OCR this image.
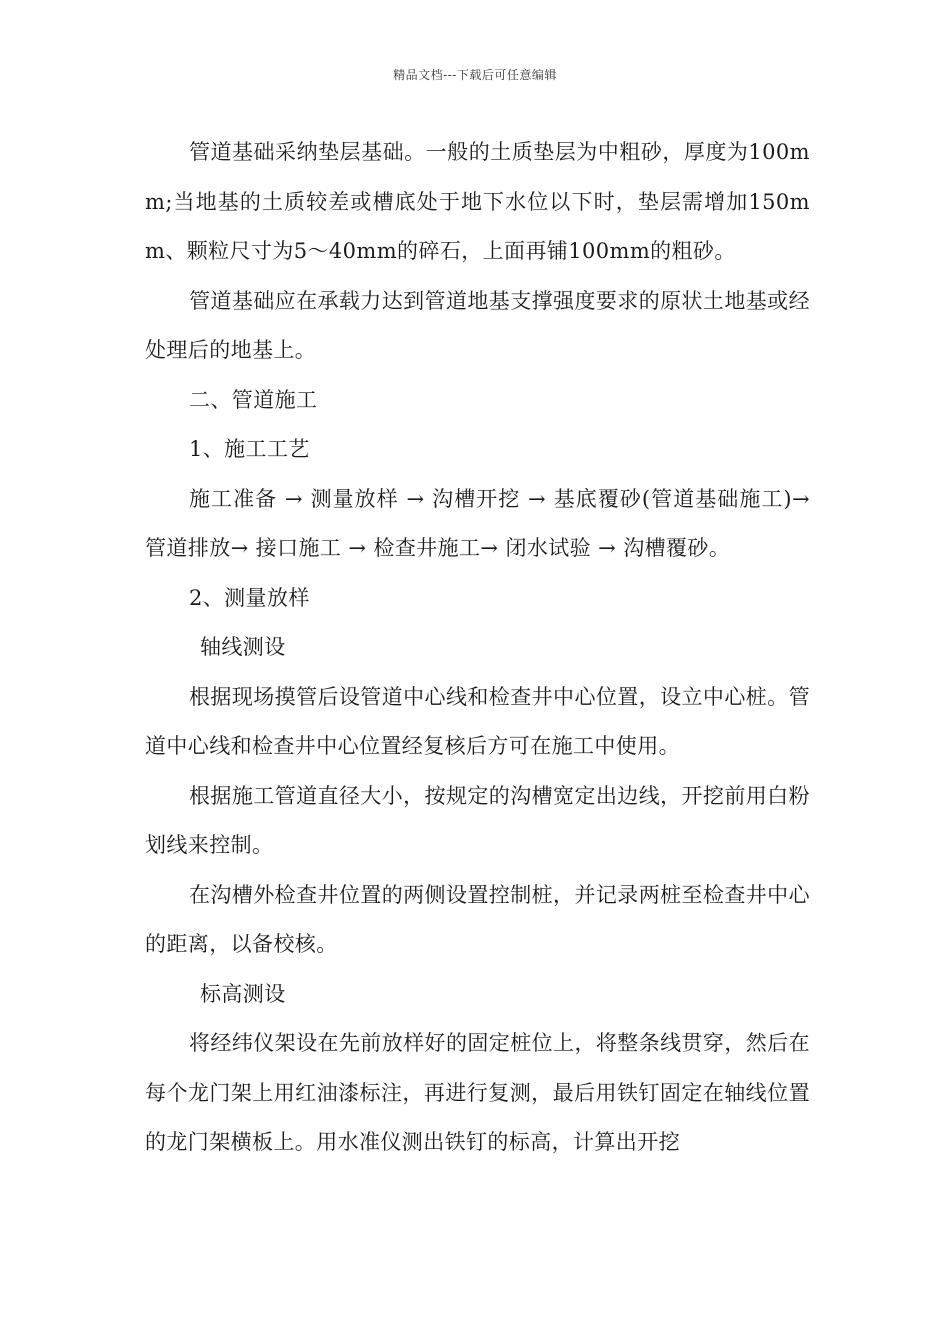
精品文档---下载后可任意编辑

管道基础采纳垫层基础。一般的土质垫层为中粗砂，厚度为100mm;当地基的土质较差或槽底处于地下水位以下时，垫层需增加150mm、颗粒尺寸为5～40mm的碎石，上面再铺100mm的粗砂。

管道基础应在承载力达到管道地基支撑强度要求的原状土地基或经处理后的地基上。

二、管道施工

1、施工工艺

施工准备 → 测量放样 → 沟槽开挖 → 基底覆砂(管道基础施工)→ 管道排放→ 接口施工 → 检查井施工→ 闭水试验 → 沟槽覆砂。

2、测量放样

轴线测设

根据现场摸管后设管道中心线和检查井中心位置，设立中心桩。管道中心线和检查井中心位置经复核后方可在施工中使用。

根据施工管道直径大小，按规定的沟槽宽定出边线，开挖前用白粉划线来控制。

在沟槽外检查井位置的两侧设置控制桩，并记录两桩至检查井中心的距离，以备校核。

标高测设

将经纬仪架设在先前放样好的固定桩位上，将整条线贯穿，然后在每个龙门架上用红油漆标注，再进行复测，最后用铁钉固定在轴线位置的龙门架横板上。用水准仪测出铁钉的标高，计算出开挖
